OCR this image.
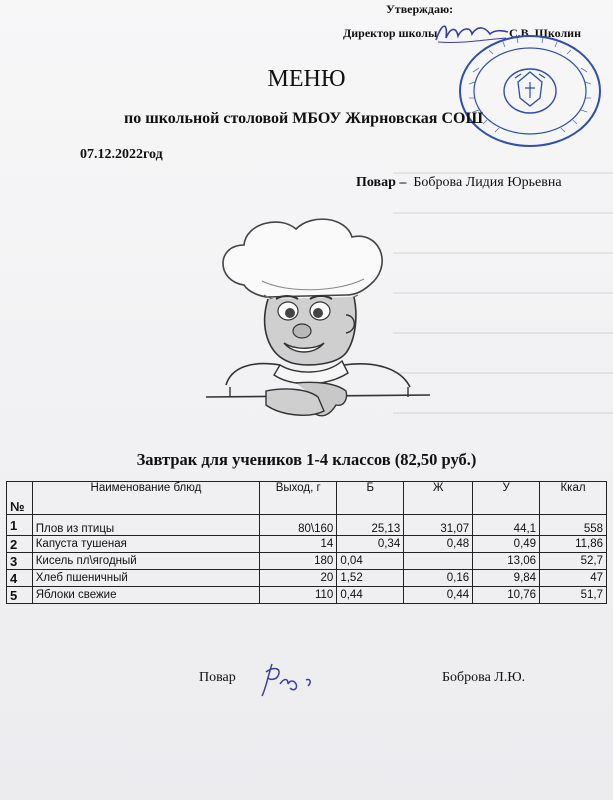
Утверждаю:
Директор школы	С.В. Школин
МЕНЮ
по школьной столовой МБОУ Жирновская СОШ
07.12.2022год
Повар – Боброва Лидия Юрьевна
Завтрак для учеников 1-4 классов (82,50 руб.)
№	Наименование блюд	Выход, г	Б	Ж	У	Ккал
1	Плов из птицы	80\160	25,13	31,07	44,1	558
2	Капуста тушеная	14	0,34	0,48	0,49	11,86
3	Кисель пл\ягодный	180	0,04		13,06	52,7
4	Хлеб пшеничный	20	1,52	0,16	9,84	47
5	Яблоки свежие	110	0,44	0,44	10,76	51,7
Повар	Боброва Л.Ю.
